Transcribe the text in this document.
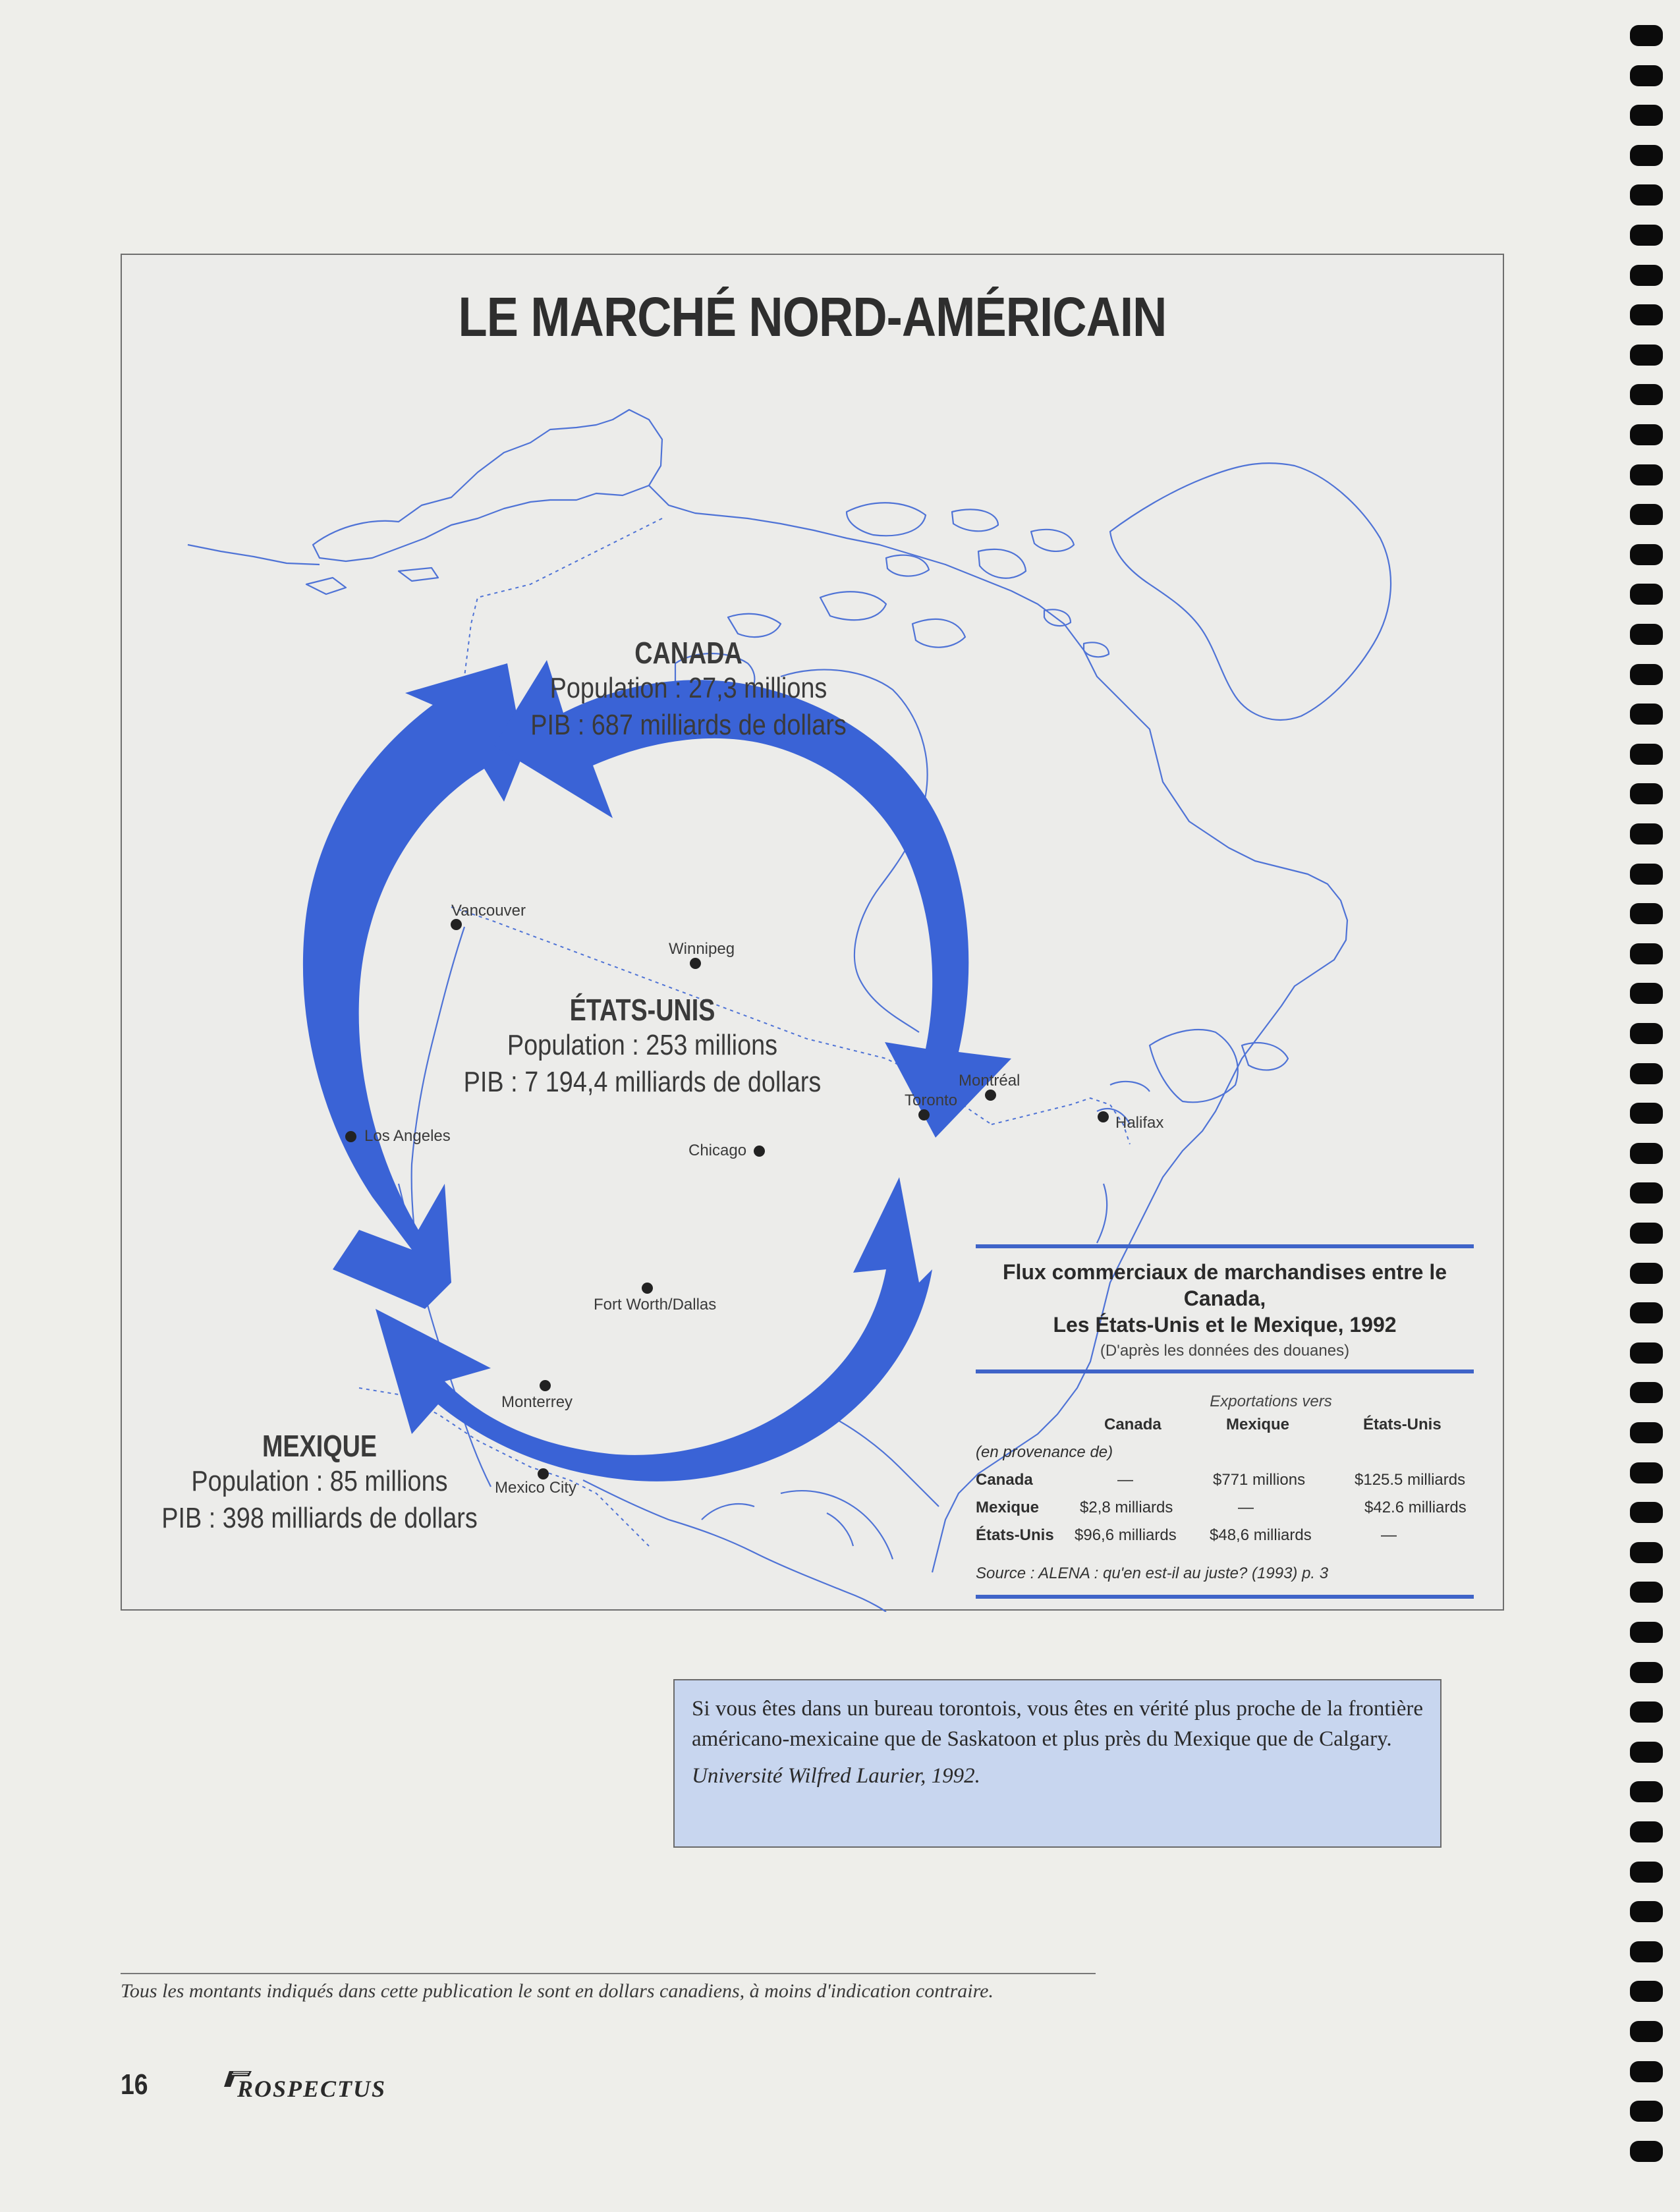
LE MARCHÉ NORD-AMÉRICAIN
CANADA
Population : 27,3 millions
PIB : 687 milliards de dollars
ÉTATS-UNIS
Population : 253 millions
PIB : 7 194,4 milliards de dollars
MEXIQUE
Population : 85 millions
PIB : 398 milliards de dollars
Vancouver
Winnipeg
Toronto
Montréal
Halifax
Los Angeles
Chicago
Fort Worth/Dallas
Monterrey
Mexico City
Flux commerciaux de marchandises entre le Canada,
Les États-Unis et le Mexique, 1992
(D'après les données des douanes)
Exportations vers
Canada	Mexique	États-Unis
(en provenance de)
Canada	—	$771 millions	$125.5 milliards
Mexique	$2,8 milliards	—	$42.6 milliards
États-Unis $96,6 milliards $48,6 milliards	—
Source : ALENA : qu'en est-il au juste? (1993) p. 3
Si vous êtes dans un bureau torontois, vous êtes en vérité plus proche de la frontière américano-mexicaine que de Saskatoon et plus près du Mexique que de Calgary.
Université Wilfred Laurier, 1992.
Tous les montants indiqués dans cette publication le sont en dollars canadiens, à moins d'indication contraire.
16	ROSPECTUS
